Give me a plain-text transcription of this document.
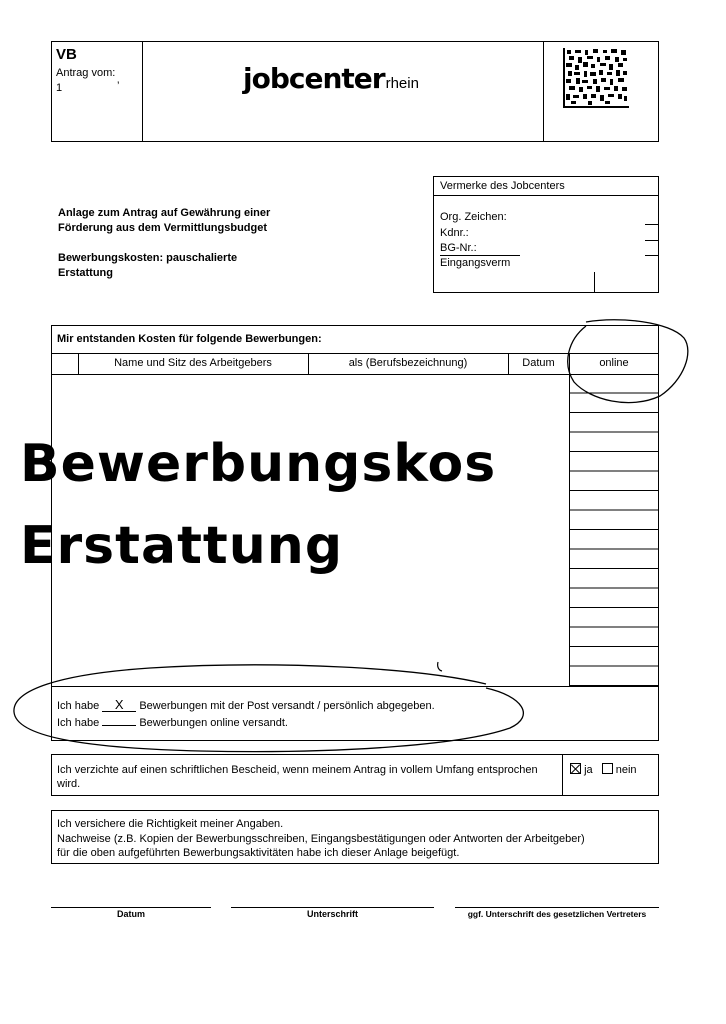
VB
Antrag vom:
1	’	jobcenterrhein
Anlage zum Antrag auf Gewährung einer
Förderung aus dem Vermittlungsbudget
Bewerbungskosten: pauschalierte
Erstattung
Vermerke des Jobcenters
Org. Zeichen:
Kdnr.:
BG-Nr.:
Eingangsverm
Mir entstanden Kosten für folgende Bewerbungen:
Name und Sitz des Arbeitgebers	als (Berufsbezeichnung)	Datum	online
Bewerbungskos
Erstattung
Ich habe X Bewerbungen mit der Post versandt / persönlich abgegeben.
Ich habe	Bewerbungen online versandt.
Ich verzichte auf einen schriftlichen Bescheid, wenn meinem Antrag in vollem Umfang entsprochen wird.
ja nein
Ich versichere die Richtigkeit meiner Angaben.
Nachweise (z.B. Kopien der Bewerbungsschreiben, Eingangsbestätigungen oder Antworten der Arbeitgeber) für die oben aufgeführten Bewerbungsaktivitäten habe ich dieser Anlage beigefügt.
Datum	Unterschrift	ggf. Unterschrift des gesetzlichen Vertreters
